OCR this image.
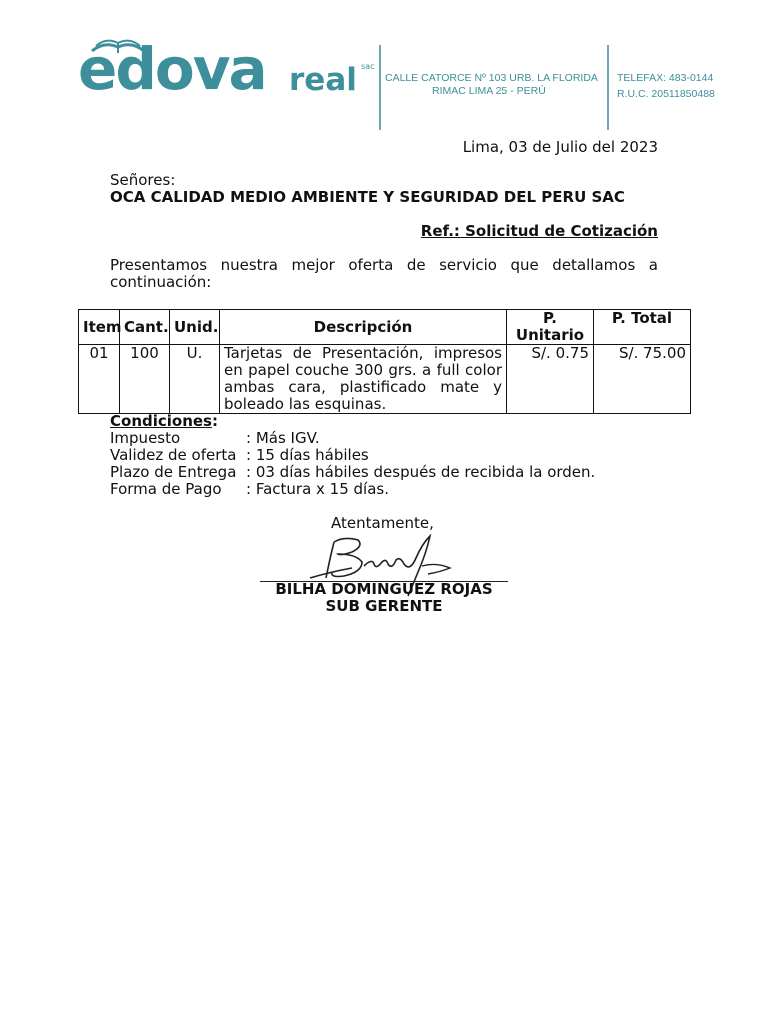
edova real sac
CALLE CATORCE Nº 103 URB. LA FLORIDA
RIMAC LIMA 25 - PERÚ
TELEFAX: 483-0144
R.U.C. 20511850488
Lima, 03 de Julio del 2023
Señores:
OCA CALIDAD MEDIO AMBIENTE Y SEGURIDAD DEL PERU SAC
Ref.: Solicitud de Cotización
Presentamos nuestra mejor oferta de servicio que detallamos a continuación:
Item	Cant.	Unid.	Descripción	P. Unitario	P. Total
01	100	U.	Tarjetas de Presentación, impresos en papel couche 300 grs. a full color ambas cara, plastificado mate y boleado las esquinas.	S/. 0.75	S/. 75.00
Condiciones:
Impuesto	: Más IGV.
Validez de oferta : 15 días hábiles
Plazo de Entrega : 03 días hábiles después de recibida la orden.
Forma de Pago : Factura x 15 días.
Atentamente,
BILHA DOMINGUEZ ROJAS
SUB GERENTE
